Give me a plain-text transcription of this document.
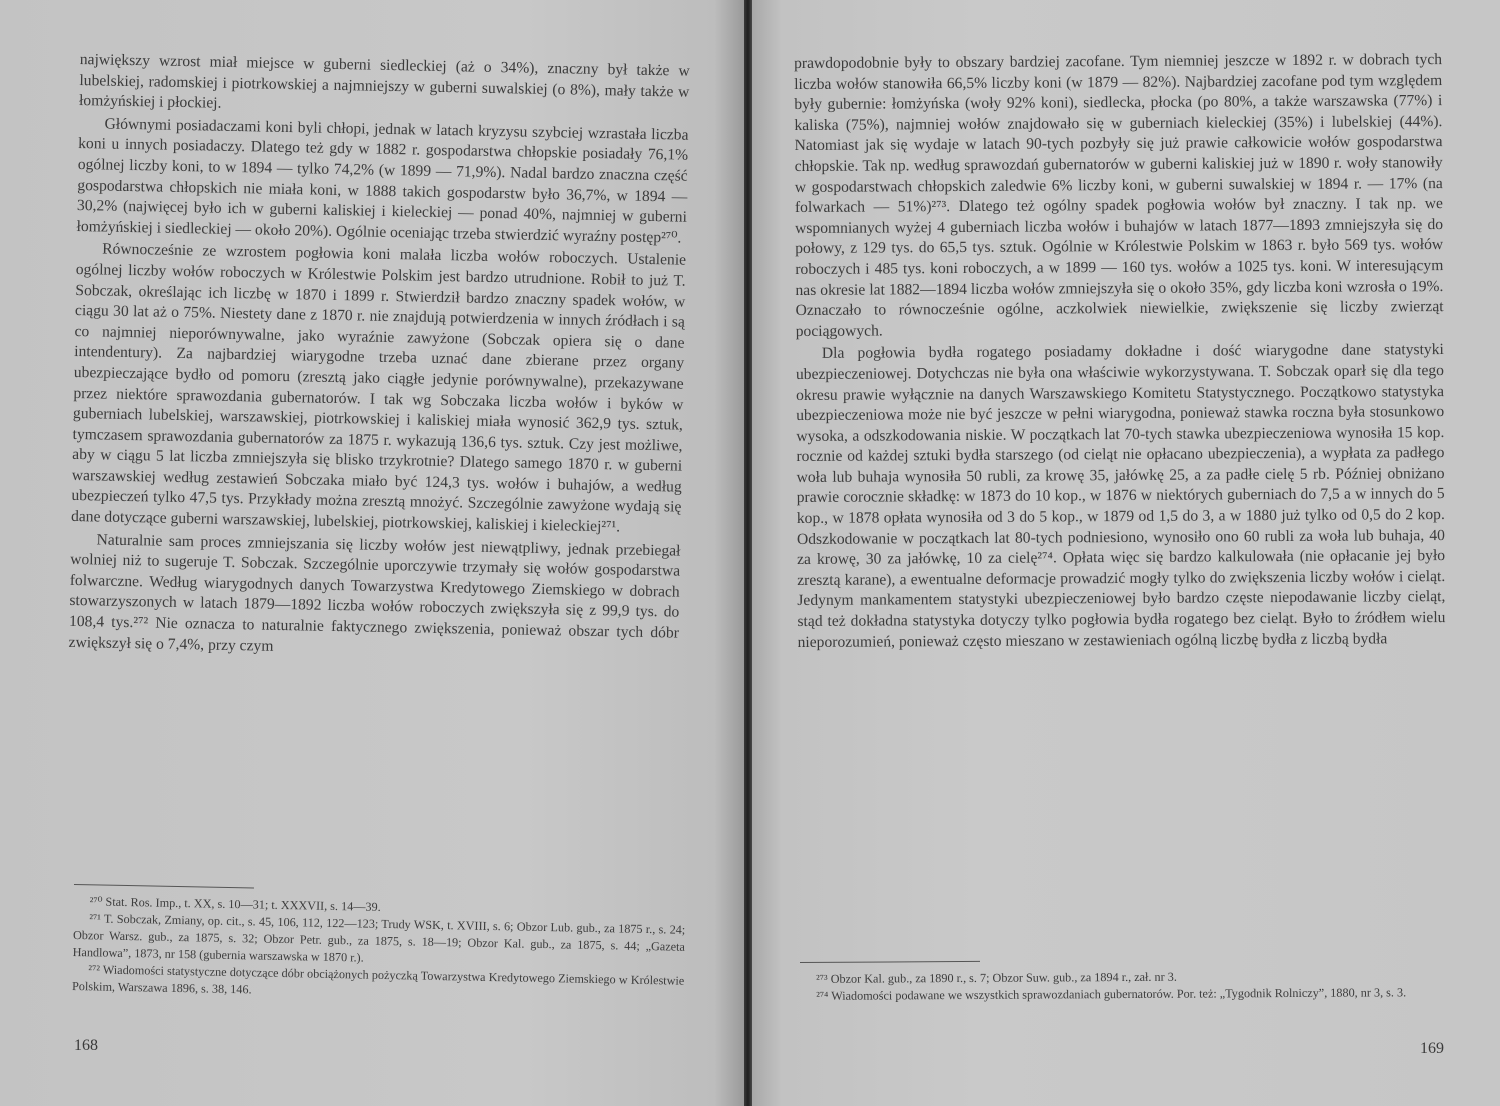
największy wzrost miał miejsce w guberni siedleckiej (aż o 34%), znaczny był także w lubelskiej, radomskiej i piotrkowskiej a najmniejszy w guberni suwalskiej (o 8%), mały także w łomżyńskiej i płockiej.

Głównymi posiadaczami koni byli chłopi, jednak w latach kryzysu szybciej wzrastała liczba koni u innych posiadaczy. Dlatego też gdy w 1882 r. gospodarstwa chłopskie posiadały 76,1% ogólnej liczby koni, to w 1894 — tylko 74,2% (w 1899 — 71,9%). Nadal bardzo znaczna część gospodarstwa chłopskich nie miała koni, w 1888 takich gospodarstw było 36,7%, w 1894 — 30,2% (najwięcej było ich w guberni kaliskiej i kieleckiej — ponad 40%, najmniej w guberni łomżyńskiej i siedleckiej — około 20%). Ogólnie oceniając trzeba stwierdzić wyraźny postęp²⁷⁰.

Równocześnie ze wzrostem pogłowia koni malała liczba wołów roboczych. Ustalenie ogólnej liczby wołów roboczych w Królestwie Polskim jest bardzo utrudnione. Robił to już T. Sobczak, określając ich liczbę w 1870 i 1899 r. Stwierdził bardzo znaczny spadek wołów, w ciągu 30 lat aż o 75%. Niestety dane z 1870 r. nie znajdują potwierdzenia w innych źródłach i są co najmniej nieporównywalne, jako wyraźnie zawyżone (Sobczak opiera się o dane intendentury). Za najbardziej wiarygodne trzeba uznać dane zbierane przez organy ubezpieczające bydło od pomoru (zresztą jako ciągłe jedynie porównywalne), przekazywane przez niektóre sprawozdania gubernatorów. I tak wg Sobczaka liczba wołów i byków w guberniach lubelskiej, warszawskiej, piotrkowskiej i kaliskiej miała wynosić 362,9 tys. sztuk, tymczasem sprawozdania gubernatorów za 1875 r. wykazują 136,6 tys. sztuk. Czy jest możliwe, aby w ciągu 5 lat liczba zmniejszyła się blisko trzykrotnie? Dlatego samego 1870 r. w guberni warszawskiej według zestawień Sobczaka miało być 124,3 tys. wołów i buhajów, a według ubezpieczeń tylko 47,5 tys. Przykłady można zresztą mnożyć. Szczególnie zawyżone wydają się dane dotyczące guberni warszawskiej, lubelskiej, piotrkowskiej, kaliskiej i kieleckiej²⁷¹.

Naturalnie sam proces zmniejszania się liczby wołów jest niewątpliwy, jednak przebiegał wolniej niż to sugeruje T. Sobczak. Szczególnie uporczywie trzymały się wołów gospodarstwa folwarczne. Według wiarygodnych danych Towarzystwa Kredytowego Ziemskiego w dobrach stowarzyszonych w latach 1879—1892 liczba wołów roboczych zwiększyła się z 99,9 tys. do 108,4 tys.²⁷² Nie oznacza to naturalnie faktycznego zwiększenia, ponieważ obszar tych dóbr zwiększył się o 7,4%, przy czym

²⁷⁰ Stat. Ros. Imp., t. XX, s. 10—31; t. XXXVII, s. 14—39.

²⁷¹ T. Sobczak, Zmiany, op. cit., s. 45, 106, 112, 122—123; Trudy WSK, t. XVIII, s. 6; Obzor Lub. gub., za 1875 r., s. 24; Obzor Warsz. gub., za 1875, s. 32; Obzor Petr. gub., za 1875, s. 18—19; Obzor Kal. gub., za 1875, s. 44; „Gazeta Handlowa”, 1873, nr 158 (gubernia warszawska w 1870 r.).

²⁷² Wiadomości statystyczne dotyczące dóbr obciążonych pożyczką Towarzystwa Kredytowego Ziemskiego w Królestwie Polskim, Warszawa 1896, s. 38, 146.

168

prawdopodobnie były to obszary bardziej zacofane. Tym niemniej jeszcze w 1892 r. w dobrach tych liczba wołów stanowiła 66,5% liczby koni (w 1879 — 82%). Najbardziej zacofane pod tym względem były gubernie: łomżyńska (woły 92% koni), siedlecka, płocka (po 80%, a także warszawska (77%) i kaliska (75%), najmniej wołów znajdowało się w guberniach kieleckiej (35%) i lubelskiej (44%). Natomiast jak się wydaje w latach 90-tych pozbyły się już prawie całkowicie wołów gospodarstwa chłopskie. Tak np. według sprawozdań gubernatorów w guberni kaliskiej już w 1890 r. woły stanowiły w gospodarstwach chłopskich zaledwie 6% liczby koni, w guberni suwalskiej w 1894 r. — 17% (na folwarkach — 51%)²⁷³. Dlatego też ogólny spadek pogłowia wołów był znaczny. I tak np. we wspomnianych wyżej 4 guberniach liczba wołów i buhajów w latach 1877—1893 zmniejszyła się do połowy, z 129 tys. do 65,5 tys. sztuk. Ogólnie w Królestwie Polskim w 1863 r. było 569 tys. wołów roboczych i 485 tys. koni roboczych, a w 1899 — 160 tys. wołów a 1025 tys. koni. W interesującym nas okresie lat 1882—1894 liczba wołów zmniejszyła się o około 35%, gdy liczba koni wzrosła o 19%. Oznaczało to równocześnie ogólne, aczkolwiek niewielkie, zwiększenie się liczby zwierząt pociągowych.

Dla pogłowia bydła rogatego posiadamy dokładne i dość wiarygodne dane statystyki ubezpieczeniowej. Dotychczas nie była ona właściwie wykorzystywana. T. Sobczak oparł się dla tego okresu prawie wyłącznie na danych Warszawskiego Komitetu Statystycznego. Początkowo statystyka ubezpieczeniowa może nie być jeszcze w pełni wiarygodna, ponieważ stawka roczna była stosunkowo wysoka, a odszkodowania niskie. W początkach lat 70-tych stawka ubezpieczeniowa wynosiła 15 kop. rocznie od każdej sztuki bydła starszego (od cieląt nie opłacano ubezpieczenia), a wypłata za padłego woła lub buhaja wynosiła 50 rubli, za krowę 35, jałówkę 25, a za padłe cielę 5 rb. Później obniżano prawie corocznie składkę: w 1873 do 10 kop., w 1876 w niektórych guberniach do 7,5 a w innych do 5 kop., w 1878 opłata wynosiła od 3 do 5 kop., w 1879 od 1,5 do 3, a w 1880 już tylko od 0,5 do 2 kop. Odszkodowanie w początkach lat 80-tych podniesiono, wynosiło ono 60 rubli za woła lub buhaja, 40 za krowę, 30 za jałówkę, 10 za cielę²⁷⁴. Opłata więc się bardzo kalkulowała (nie opłacanie jej było zresztą karane), a ewentualne deformacje prowadzić mogły tylko do zwiększenia liczby wołów i cieląt. Jedynym mankamentem statystyki ubezpieczeniowej było bardzo częste niepodawanie liczby cieląt, stąd też dokładna statystyka dotyczy tylko pogłowia bydła rogatego bez cieląt. Było to źródłem wielu nieporozumień, ponieważ często mieszano w zestawieniach ogólną liczbę bydła z liczbą bydła

²⁷³ Obzor Kal. gub., za 1890 r., s. 7; Obzor Suw. gub., za 1894 r., zał. nr 3.

²⁷⁴ Wiadomości podawane we wszystkich sprawozdaniach gubernatorów. Por. też: „Tygodnik Rolniczy”, 1880, nr 3, s. 3.

169
